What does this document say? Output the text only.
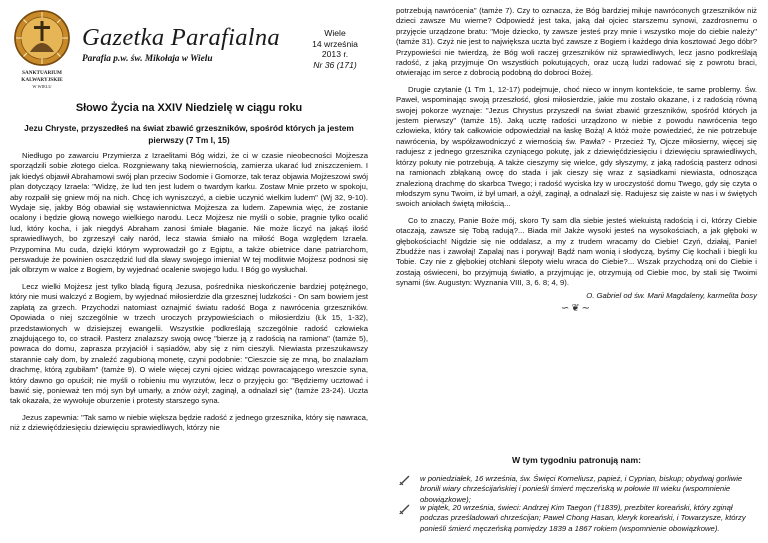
SANKTUARIUM
KALWARYJSKIE
W WIELU
Gazetka Parafialna
Parafia p.w. św. Mikołaja w Wielu
Wiele
14 września
2013 r.
Nr 36 (171)
Słowo Życia na XXIV Niedzielę w ciągu roku
Jezu Chryste, przyszedłeś na świat zbawić grzeszników, spośród których ja jestem pierwszy (7 Tm l, 15)

Niedługo po zawarciu Przymierza z Izraelitami Bóg widzi, że ci w czasie nieobecności Mojżesza sporządzili sobie złotego cielca. Rozgniewany taką niewiernością, zamierza ukarać lud zniszczeniem. I jak kiedyś objawił Abrahamowi swój plan przeciw Sodomie i Gomorze, tak teraz objawia Mojżeszowi swój plan dotyczący Izraela: "Widzę, że lud ten jest ludem o twardym karku. Zostaw Mnie przeto w spokoju, aby rozpalił się gniew mój na nich. Chcę ich wyniszczyć, a ciebie uczynić wielkim ludem" (Wj 32, 9-10). Wydaje się, jakby Bóg obawiał się wstawiennictwa Mojżesza za ludem. Zapewnia więc, że zostanie ocalony i będzie głową nowego wielkiego narodu. Lecz Mojżesz nie myśli o sobie, pragnie tylko ocalić lud, który kocha, i jak niegdyś Abraham zanosi śmiałe błaganie. Nie może liczyć na jakąś ilość sprawiedliwych, bo zgrzeszył cały naród, lecz stawia śmiało na miłość Boga względem Izraela. Przypomina Mu cuda, dzięki którym wyprowadził go z Egiptu, a także obietnice dane patriarchom, perswaduje że powinien oszczędzić lud dla sławy swojego imienia! W tej modlitwie Mojżesz podnosi się jak olbrzym w walce z Bogiem, by wyjednać ocalenie swojego ludu. I Bóg go wysłuchał.

Lecz wielki Mojżesz jest tylko bladą figurą Jezusa, pośrednika nieskończenie bardziej potężnego, który nie musi walczyć z Bogiem, by wyjednać miłosierdzie dla grzesznej ludzkości - On sam bowiem jest zapłatą za grzech. Przychodzi natomiast oznajmić światu radość Boga z nawrócenia grzeszników. Opowiada o niej szczególnie w trzech uroczych przypowieściach o miłosierdziu (Łk 15, 1-32), przedstawionych w dzisiejszej ewangelii. Wszystkie podkreślają szczególnie radość człowieka znajdującego to, co stracił. Pasterz znalazszy swoją owcę "bierze ją z radością na ramiona" (tamże 5), powraca do domu, zaprasza przyjaciół i sąsiadów, aby się z nim cieszyli. Niewiasta przeszukawszy starannie cały dom, by znaleźć zagubioną monetę, czyni podobnie: "Cieszcie się ze mną, bo znalazłam drachmę, którą zgubiłam" (tamże 9). O wiele więcej czyni ojciec widząc powracającego wreszcie syna, który dawno go opuścił; nie myśli o robieniu mu wyrzutów, lecz o przyjęciu go: "Będziemy ucztować i bawić się, ponieważ ten mój syn był umarły, a znów ożył; zaginął, a odnalazł się" (tamże 23-24). Uczta tak okazała, że wywołuje oburzenie i protesty starszego syna.

Jezus zapewnia: "Tak samo w niebie większa będzie radość z jednego grzesznika, który się nawraca, niż z dziewięćdziesięciu dziewięciu sprawiedliwych, którzy nie

potrzebują nawrócenia" (tamże 7). Czy to oznacza, że Bóg bardziej miłuje nawróconych grzeszników niż dzieci zawsze Mu wierne? Odpowiedź jest taka, jaką dał ojciec starszemu synowi, zazdrosnemu o przyjęcie urządzone bratu: "Moje dziecko, ty zawsze jesteś przy mnie i wszystko moje do ciebie należy" (tamże 31). Czyż nie jest to największa uczta być zawsze z Bogiem i każdego dnia kosztować Jego dóbr? Przypowieści nie twierdzą, że Bóg woli raczej grzeszników niż sprawiedliwych, lecz jasno podkreślają radość, z jaką przyjmuje On wszystkich pokutujących, oraz uczą ludzi radować się z powrotu braci, otwierając im serce z dobrocią podobną do dobroci Bożej.

Drugie czytanie (1 Tm 1, 12-17) podejmuje, choć nieco w innym kontekście, te same problemy. Św. Paweł, wspominając swoją przeszłość, głosi miłosierdzie, jakie mu zostało okazane, i z radością równą swojej pokorze wyznaje: "Jezus Chrystus przyszedł na świat zbawić grzeszników, spośród których ja jestem pierwszy" (tamże 15). Jaką ucztę radości urządzono w niebie z powodu nawrócenia tego człowieka, który tak całkowicie odpowiedział na łaskę Bożą! A któż może powiedzieć, że nie potrzebuje nawrócenia, by współzawodniczyć z wiernością św. Pawła? - Przecież Ty, Ojcze miłosierny, więcej się radujesz z jednego grzesznika czyniącego pokutę, jak z dziewięćdziesięciu i dziewięciu sprawiedliwych, którzy pokuty nie potrzebują. A także cieszymy się wielce, gdy słyszymy, z jaką radością pasterz odnosi na ramionach zbłąkaną owcę do stada i jak cieszy się wraz z sąsiadkami niewiasta, odnosząca znalezioną drachmę do skarbca Twego; i radość wyciska łzy w uroczystość domu Twego, gdy się czyta o młodszym synu Twoim, iż był umarł, a ożył, zaginął, a odnalazł się. Radujesz się zaiste w nas i w świętych swoich aniołach świętą miłością...

Co to znaczy, Panie Boże mój, skoro Ty sam dla siebie jesteś wiekuistą radością i ci, którzy Ciebie otaczają, zawsze się Tobą radują?... Biada mi! Jakże wysoki jesteś na wysokościach, a jak głęboki w głębokościach! Nigdzie się nie oddalasz, a my z trudem wracamy do Ciebie! Czyń, działaj, Panie! Zbudźże nas i zawołaj! Zapalaj nas i porywaj! Bądź nam wonią i słodyczą, byśmy Cię kochali i biegli ku Tobie. Czy nie z głębokiej otchłani ślepoty wielu wraca do Ciebie?... Wszak przychodzą oni do Ciebie i zostają oświeceni, bo przyjmują światło, a przyjmując je, otrzymują od Ciebie moc, by stali się Twoimi synami (św. Augustyn: Wyznania VIII, 3, 6. 8; 4, 9).

O. Gabriel od św. Marii Magdaleny, karmelita bosy
∽❦∼
W tym tygodniu patronują nam:
w poniedziałek, 16 września, św. Święci Korneliusz, papież, i Cyprian, biskup; obydwaj gorliwie bronili wiary chrześcijańskiej i ponieśli śmierć męczeńską w połowie III wieku (wspomnienie obowiązkowe);
w piątek, 20 września, świeci: Andrzej Kim Taegon (†1839), prezbiter koreański, który zginął podczas prześladowań chrześcijan; Paweł Chong Hasan, kleryk koreański, i Towarzysze, którzy ponieśli śmierć męczeńską pomiędzy 1839 a 1867 rokiem (wspomnienie obowiązkowe).
